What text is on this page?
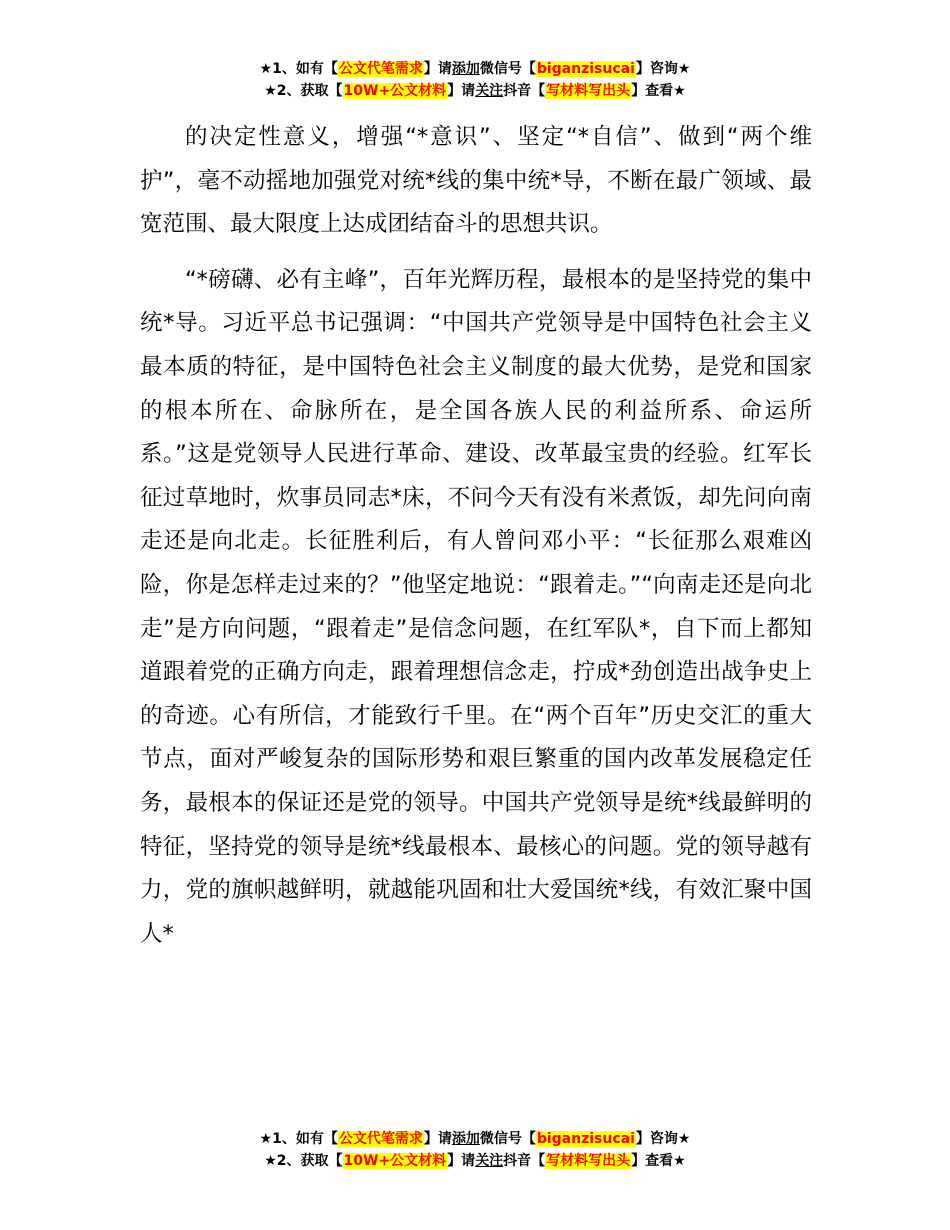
★1、如有【公文代笔需求】请添加微信号【biganzisucai】咨询★
★2、获取【10W+公文材料】请关注抖音【写材料写出头】查看★

的决定性意义，增强“*意识”、坚定“*自信”、做到“两个维护”，毫不动摇地加强党对统*线的集中统*导，不断在最广领域、最宽范围、最大限度上达成团结奋斗的思想共识。

“*磅礴、必有主峰”，百年光辉历程，最根本的是坚持党的集中统*导。习近平总书记强调：“中国共产党领导是中国特色社会主义最本质的特征，是中国特色社会主义制度的最大优势，是党和国家的根本所在、命脉所在，是全国各族人民的利益所系、命运所系。”这是党领导人民进行革命、建设、改革最宝贵的经验。红军长征过草地时，炊事员同志*床，不问今天有没有米煮饭，却先问向南走还是向北走。长征胜利后，有人曾问邓小平：“长征那么艰难凶险，你是怎样走过来的？”他坚定地说：“跟着走。”“向南走还是向北走”是方向问题，“跟着走”是信念问题，在红军队*，自下而上都知道跟着党的正确方向走，跟着理想信念走，拧成*劲创造出战争史上的奇迹。心有所信，才能致行千里。在“两个百年”历史交汇的重大节点，面对严峻复杂的国际形势和艰巨繁重的国内改革发展稳定任务，最根本的保证还是党的领导。中国共产党领导是统*线最鲜明的特征，坚持党的领导是统*线最根本、最核心的问题。党的领导越有力，党的旗帜越鲜明，就越能巩固和壮大爱国统*线，有效汇聚中国人*

★1、如有【公文代笔需求】请添加微信号【biganzisucai】咨询★
★2、获取【10W+公文材料】请关注抖音【写材料写出头】查看★
